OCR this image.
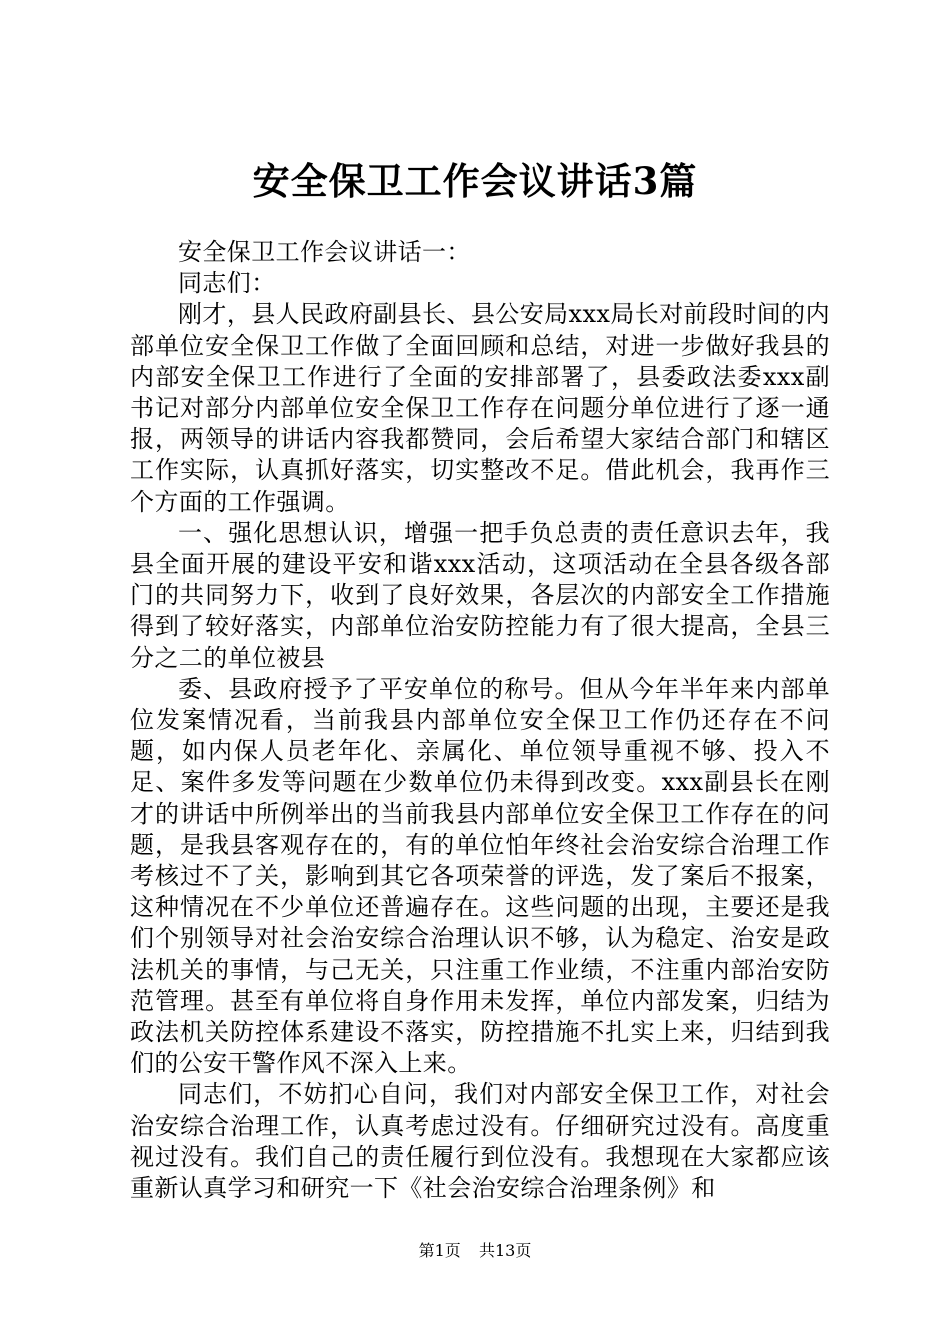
安全保卫工作会议讲话3篇

安全保卫工作会议讲话一：

同志们：

刚才，县人民政府副县长、县公安局xxx局长对前段时间的内部单位安全保卫工作做了全面回顾和总结，对进一步做好我县的内部安全保卫工作进行了全面的安排部署了，县委政法委xxx副书记对部分内部单位安全保卫工作存在问题分单位进行了逐一通报，两领导的讲话内容我都赞同，会后希望大家结合部门和辖区工作实际，认真抓好落实，切实整改不足。借此机会，我再作三个方面的工作强调。

一、强化思想认识，增强一把手负总责的责任意识去年，我县全面开展的建设平安和谐xxx活动，这项活动在全县各级各部门的共同努力下，收到了良好效果，各层次的内部安全工作措施得到了较好落实，内部单位治安防控能力有了很大提高，全县三分之二的单位被县

委、县政府授予了平安单位的称号。但从今年半年来内部单位发案情况看，当前我县内部单位安全保卫工作仍还存在不问题，如内保人员老年化、亲属化、单位领导重视不够、投入不足、案件多发等问题在少数单位仍未得到改变。xxx副县长在刚才的讲话中所例举出的当前我县内部单位安全保卫工作存在的问题，是我县客观存在的，有的单位怕年终社会治安综合治理工作考核过不了关，影响到其它各项荣誉的评选，发了案后不报案，这种情况在不少单位还普遍存在。这些问题的出现，主要还是我们个别领导对社会治安综合治理认识不够，认为稳定、治安是政法机关的事情，与己无关，只注重工作业绩，不注重内部治安防范管理。甚至有单位将自身作用未发挥，单位内部发案，归结为政法机关防控体系建设不落实，防控措施不扎实上来，归结到我们的公安干警作风不深入上来。

同志们，不妨扪心自问，我们对内部安全保卫工作，对社会治安综合治理工作，认真考虑过没有。仔细研究过没有。高度重视过没有。我们自己的责任履行到位没有。我想现在大家都应该重新认真学习和研究一下《社会治安综合治理条例》和

第1页   共13页
